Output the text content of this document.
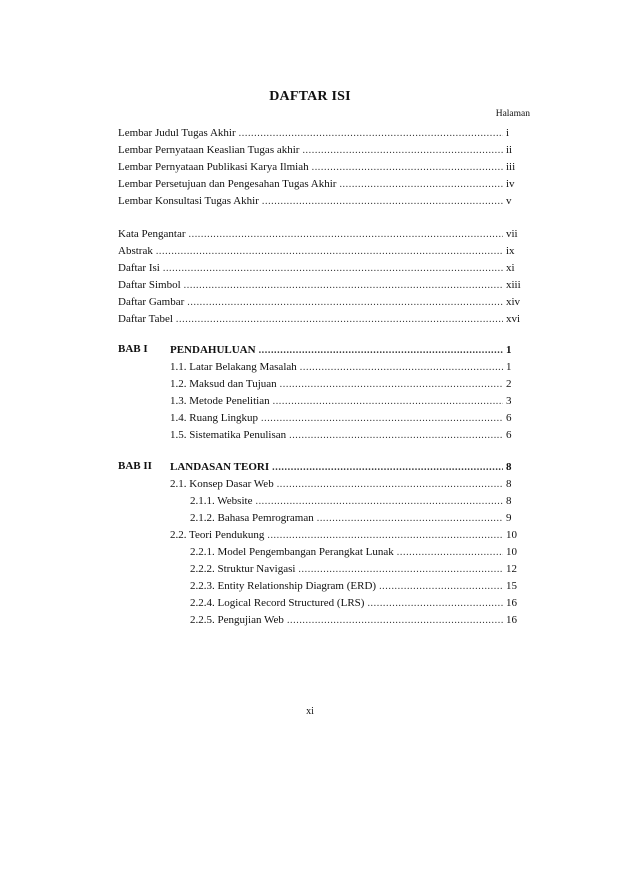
DAFTAR ISI
Halaman
Lembar Judul Tugas Akhir .....	i
Lembar Pernyataan Keaslian Tugas akhir .....	ii
Lembar Pernyataan Publikasi Karya Ilmiah .....	iii
Lembar Persetujuan dan Pengesahan Tugas Akhir .....	iv
Lembar Konsultasi Tugas Akhir .....	v
Kata Pengantar .....	vii
Abstrak .....	ix
Daftar Isi .....	xi
Daftar Simbol .....	xiii
Daftar Gambar .....	xiv
Daftar Tabel .....	xvi
BAB I PENDAHULUAN .....	1
1.1. Latar Belakang Masalah .....	1
1.2. Maksud dan Tujuan .....	2
1.3. Metode Penelitian .....	3
1.4. Ruang Lingkup .....	6
1.5. Sistematika Penulisan .....	6
BAB II LANDASAN TEORI .....	8
2.1. Konsep Dasar Web .....	8
2.1.1. Website .....	8
2.1.2. Bahasa Pemrograman .....	9
2.2. Teori Pendukung .....	10
2.2.1. Model Pengembangan Perangkat Lunak .....	10
2.2.2. Struktur Navigasi .....	12
2.2.3. Entity Relationship Diagram (ERD) .....	15
2.2.4. Logical Record Structured (LRS) .....	16
2.2.5. Pengujian Web .....	16
xi
